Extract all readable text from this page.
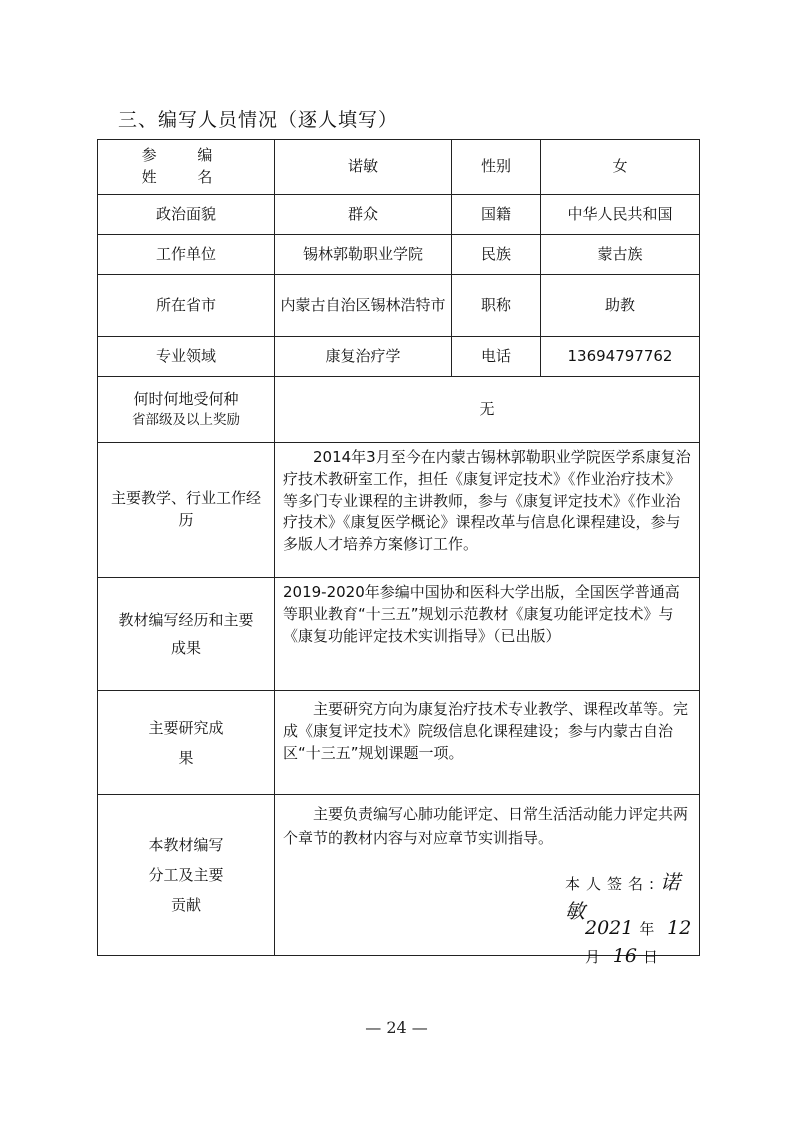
三、编写人员情况（逐人填写）
参 编
姓 名	诺敏	性别	女
政治面貌	群众	国籍	中华人民共和国
工作单位	锡林郭勒职业学院	民族	蒙古族
所在省市	内蒙古自治区锡林浩特市	职称	助教
专业领域	康复治疗学	电话	13694797762

何时何地受何种
省部级及以上奖励	无		
主要教学、行业工作经历	2014年3月至今在内蒙古锡林郭勒职业学院医学系康复治疗技术教研室工作，担任《康复评定技术》《作业治疗技术》等多门专业课程的主讲教师，参与《康复评定技术》《作业治疗技术》《康复医学概论》课程改革与信息化课程建设，参与多版人才培养方案修订工作。		
教材编写经历和主要成果	2019-2020年参编中国协和医科大学出版，全国医学普通高等职业教育“十三五”规划示范教材《康复功能评定技术》与《康复功能评定技术实训指导》（已出版）		
主要研究成果	主要研究方向为康复治疗技术专业教学、课程改革等。完成《康复评定技术》院级信息化课程建设；参与内蒙古自治区“十三五”规划课题一项。		
本教材编写分工及主要贡献	主要负责编写心肺功能评定、日常生活活动能力评定共两个章节的教材内容与对应章节实训指导。
本人签名:诺敏
2021 年 12月 16 日		
— 24 —
